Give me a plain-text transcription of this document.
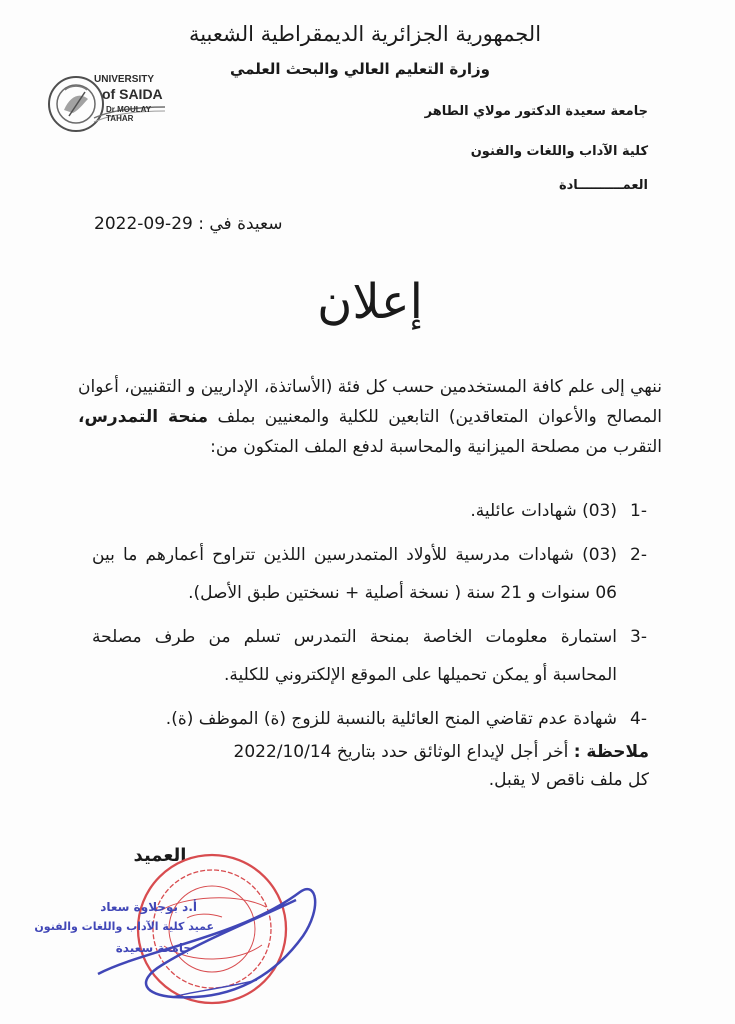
الجمهورية الجزائرية الديمقراطية الشعبية
وزارة التعليم العالي والبحث العلمي
جامعة سعيدة الدكتور مولاي الطاهر
كلية الآداب واللغات والفنون
العمــــــــــادة
UNIVERSITY
of SAIDA
Dr MOULAY TAHAR
سعيدة في : 29-09-2022
إعلان
ننهي إلى علم كافة المستخدمين حسب كل فئة (الأساتذة، الإداريين و التقنيين، أعوان المصالح والأعوان المتعاقدين) التابعين للكلية والمعنيين بملف منحة التمدرس، التقرب من مصلحة الميزانية والمحاسبة لدفع الملف المتكون من:
-1
(03) شهادات عائلية.
-2
(03) شهادات مدرسية للأولاد المتمدرسين اللذين تتراوح أعمارهم ما بين 06 سنوات و 21 سنة ( نسخة أصلية + نسختين طبق الأصل).
-3
استمارة معلومات الخاصة بمنحة التمدرس تسلم من طرف مصلحة المحاسبة أو يمكن تحميلها على الموقع الإلكتروني للكلية.
-4
شهادة عدم تقاضي المنح العائلية بالنسبة للزوج (ة) الموظف (ة).
ملاحظة : أخر أجل لإيداع الوثائق حدد بتاريخ 2022/10/14
كل ملف ناقص لا يقبل.
العميد
أ.د بوجلاوة سعاد
عميد كلية الآداب واللغات والفنون
جامعة سعيدة
